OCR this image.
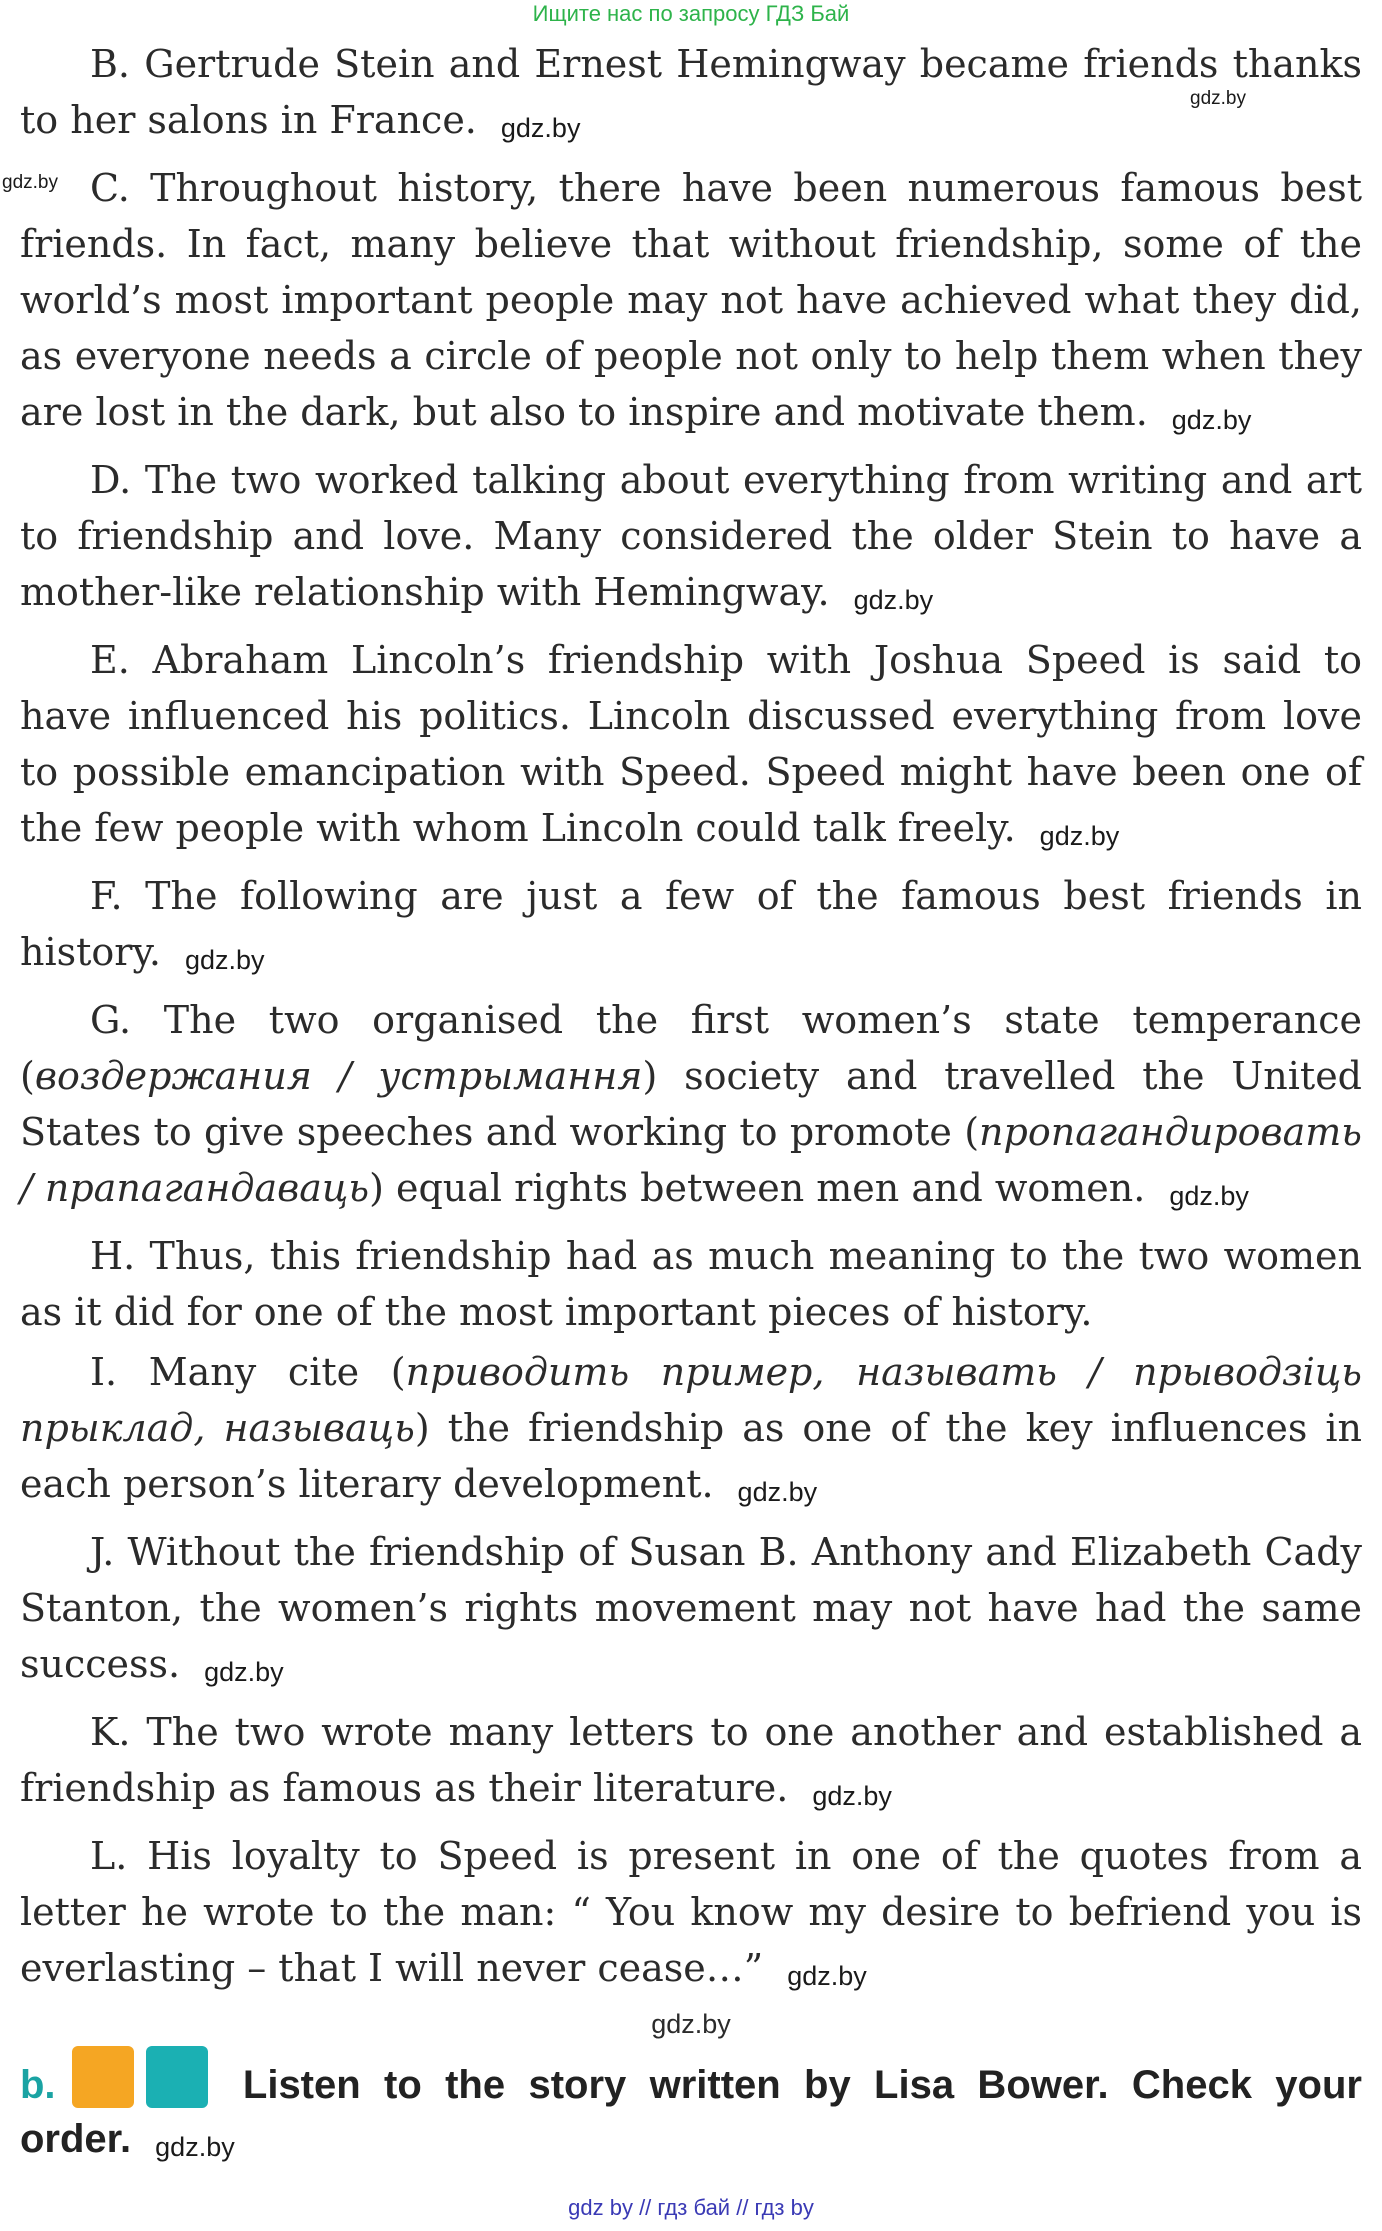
Ищите нас по запросу ГДЗ Бай

B. Gertrude Stein and Ernest Hemingway became friends thanks to her salons in France. gdz.by

C. Throughout history, there have been numerous famous best friends. In fact, many believe that without friendship, some of the world’s most important people may not have achieved what they did, as everyone needs a circle of people not only to help them when they are lost in the dark, but also to inspire and motivate them. gdz.by

D. The two worked talking about everything from writing and art to friendship and love. Many considered the older Stein to have a mother-like relationship with Hemingway. gdz.by

E. Abraham Lincoln’s friendship with Joshua Speed is said to have influenced his politics. Lincoln discussed everything from love to possible emancipation with Speed. Speed might have been one of the few people with whom Lincoln could talk freely. gdz.by

F. The following are just a few of the famous best friends in history. gdz.by

G. The two organised the first women’s state temperance (воздержания / устрымання) society and travelled the United States to give speeches and working to promote (пропагандировать / прапагандаваць) equal rights between men and women. gdz.by

H. Thus, this friendship had as much meaning to the two women as it did for one of the most important pieces of history.

I. Many cite (приводить пример, называть / прыводзіць прыклад, называць) the friendship as one of the key influences in each person’s literary development. gdz.by

J. Without the friendship of Susan B. Anthony and Elizabeth Cady Stanton, the women’s rights movement may not have had the same success. gdz.by

K. The two wrote many letters to one another and established a friendship as famous as their literature. gdz.by

L. His loyalty to Speed is present in one of the quotes from a letter he wrote to the man: “ You know my desire to befriend you is everlasting – that I will never cease…” gdz.by

gdz.by
b.	Listen to the story written by Lisa Bower. Check your order. gdz.by
gdz.by
gdz.by
gdz by // гдз бай // гдз by
